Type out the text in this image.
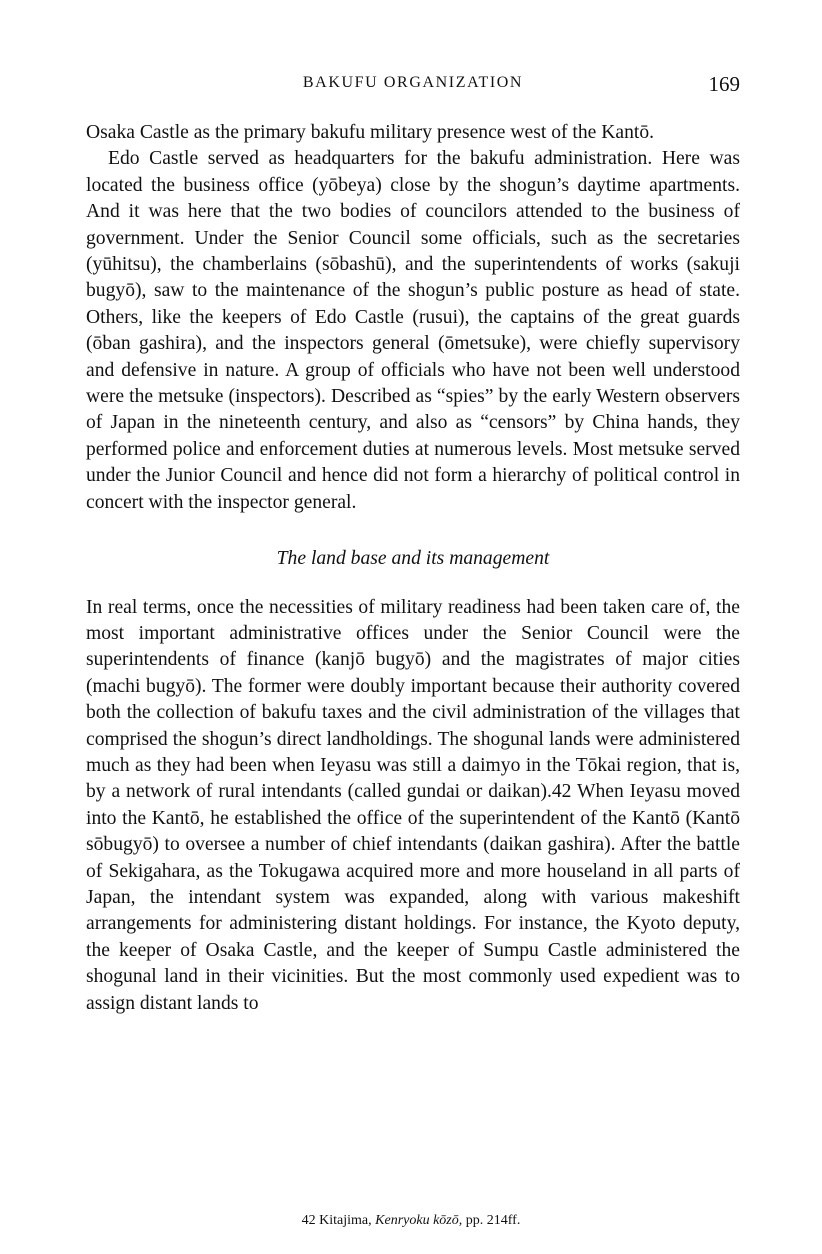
BAKUFU ORGANIZATION	169

Osaka Castle as the primary bakufu military presence west of the Kantō.

Edo Castle served as headquarters for the bakufu administration. Here was located the business office (yōbeya) close by the shogun’s daytime apartments. And it was here that the two bodies of councilors attended to the business of government. Under the Senior Council some officials, such as the secretaries (yūhitsu), the chamberlains (sōbashū), and the superintendents of works (sakuji bugyō), saw to the maintenance of the shogun’s public posture as head of state. Others, like the keepers of Edo Castle (rusui), the captains of the great guards (ōban gashira), and the inspectors general (ōmetsuke), were chiefly supervisory and defensive in nature. A group of officials who have not been well understood were the metsuke (inspectors). Described as “spies” by the early Western observers of Japan in the nineteenth century, and also as “censors” by China hands, they performed police and enforcement duties at numerous levels. Most metsuke served under the Junior Council and hence did not form a hierarchy of political control in concert with the inspector general.

The land base and its management

In real terms, once the necessities of military readiness had been taken care of, the most important administrative offices under the Senior Council were the superintendents of finance (kanjō bugyō) and the magistrates of major cities (machi bugyō). The former were doubly important because their authority covered both the collection of bakufu taxes and the civil administration of the villages that comprised the shogun’s direct landholdings. The shogunal lands were administered much as they had been when Ieyasu was still a daimyo in the Tōkai region, that is, by a network of rural intendants (called gundai or daikan).42 When Ieyasu moved into the Kantō, he established the office of the superintendent of the Kantō (Kantō sōbugyō) to oversee a number of chief intendants (daikan gashira). After the battle of Sekigahara, as the Tokugawa acquired more and more houseland in all parts of Japan, the intendant system was expanded, along with various makeshift arrangements for administering distant holdings. For instance, the Kyoto deputy, the keeper of Osaka Castle, and the keeper of Sumpu Castle administered the shogunal land in their vicinities. But the most commonly used expedient was to assign distant lands to

42 Kitajima, Kenryoku kōzō, pp. 214ff.
